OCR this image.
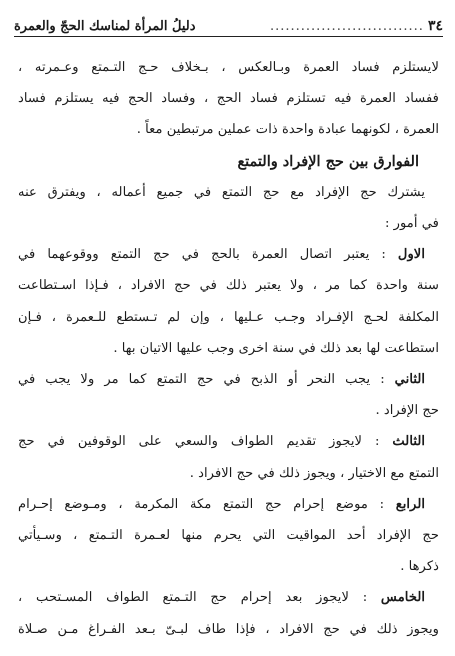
٣٤
..............................
دليلُ المرأة لمناسك الحجّ والعمرة
لايستلزم فساد العمرة وبـالعكس ، بـخلاف حـج التـمتع وعـمرته ،
ففساد العمرة فيه تستلزم فساد الحج ، وفساد الحج فيه يستلزم فساد
العمرة ، لكونهما عبادة واحدة ذات عملين مرتبطين معاً .
الفوارق بين حج الإفراد والتمتع
يشترك حج الإفراد مع حج التمتع في جميع أعماله ، ويفترق عنه
في أمور :
الاول : يعتبر اتصال العمرة بالحج في حج التمتع ووقوعهما في
سنة واحدة كما مر ، ولا يعتبر ذلك في حج الافراد ، فـإذا اسـتطاعت
المكلفة لحـج الإفـراد وجـب عـليها ، وإن لم تـستطع للـعمرة ، فـإن
استطاعت لها بعد ذلك في سنة اخرى وجب عليها الاتيان بها .
الثاني : يجب النحر أو الذبح في حج التمتع كما مر ولا يجب في
حج الإفراد .
الثالث : لايجوز تقديم الطواف والسعي على الوقوفين في حج
التمتع مع الاختيار ، ويجوز ذلك في حج الافراد .
الرابع : موضع إحرام حج التمتع مكة المكرمة ، ومـوضع إحـرام
حج الإفراد أحد المواقيت التي يحرم منها لعـمرة التـمتع ، وسـيأتي
ذكرها .
الخامس : لايجوز بعد إحرام حج التـمتع الطواف المسـتحب ،
ويجوز ذلك في حج الافراد ، فإذا طاف لبـىّ بـعد الفـراغ مـن صـلاة
